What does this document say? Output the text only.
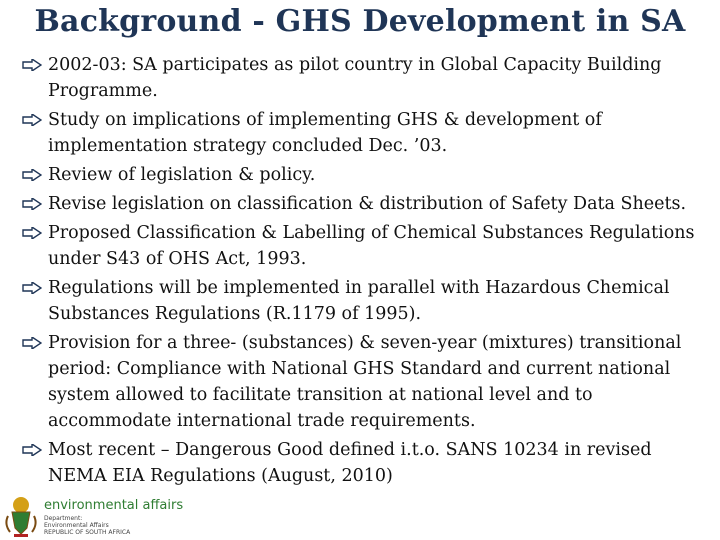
Background - GHS Development in SA
2002-03: SA participates as pilot country in Global Capacity Building Programme.
Study on implications of implementing GHS & development of implementation strategy concluded Dec. ’03.
Review of legislation & policy.
Revise legislation on classification & distribution of Safety Data Sheets.
Proposed Classification & Labelling of Chemical Substances Regulations under S43 of OHS Act, 1993.
Regulations will be implemented in parallel with Hazardous Chemical Substances Regulations (R.1179 of 1995).
Provision for a three- (substances) & seven-year (mixtures) transitional period: Compliance with National GHS Standard and current national system allowed to facilitate transition at national level and to accommodate international trade requirements.
Most recent – Dangerous Good defined i.t.o. SANS 10234 in revised NEMA EIA Regulations (August, 2010)
environmental affairs
Department:
Environmental Affairs
REPUBLIC OF SOUTH AFRICA
